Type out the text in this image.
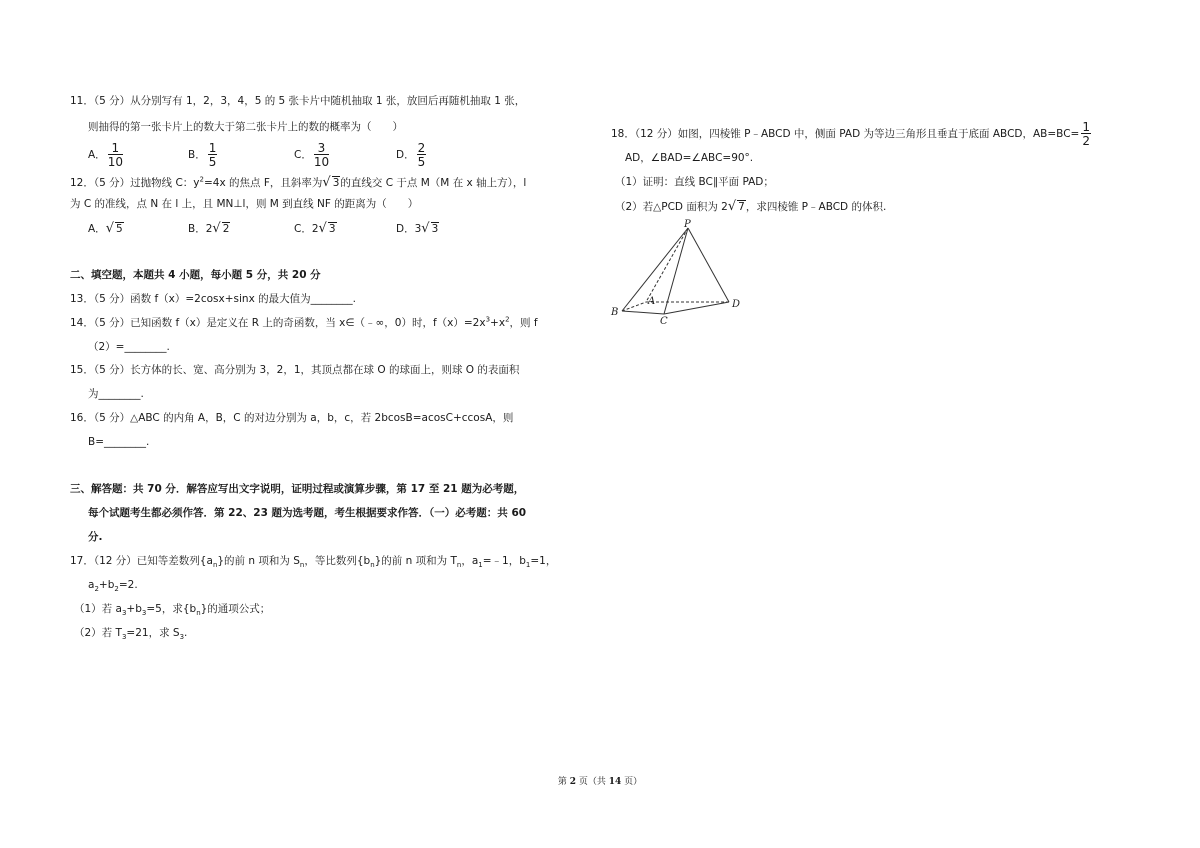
11．（5 分）从分别写有 1，2，3，4，5 的 5 张卡片中随机抽取 1 张，放回后再随机抽取 1 张，
则抽得的第一张卡片上的数大于第二张卡片上的数的概率为（　　）
A． $\frac{1}{10}$	B． $\frac{1}{5}$	C． $\frac{3}{10}$	D． $\frac{2}{5}$
12．（5 分）过抛物线 C：$y^2=4x$ 的焦点 F，且斜率为√ 3的直线交 C 于点 M（M 在 x 轴上方），l
为 C 的准线，点 N 在 l 上，且 MN⊥l，则 M 到直线 NF 的距离为（　　）
A．√ 5	B．2√ 2	C．2√ 3	D．3√ 3
二、填空题，本题共 4 小题，每小题 5 分，共 20 分
13．（5 分）函数 f（x）=2cosx+sinx 的最大值为________.
14．（5 分）已知函数 f（x）是定义在 R 上的奇函数，当 x∈（﹣∞，0）时，$f(x)=2x^3+x^2$，则 f
（2）=________.
15．（5 分）长方体的长、宽、高分别为 3，2，1，其顶点都在球 O 的球面上，则球 O 的表面积
为________.
16．（5 分）△ABC 的内角 A，B，C 的对边分别为 a，b，c，若 2bcosB=acosC+ccosA，则
B=________.
三、解答题：共 70 分．解答应写出文字说明，证明过程或演算步骤，第 17 至 21 题为必考题，
每个试题考生都必须作答．第 22、23 题为选考题，考生根据要求作答．（一）必考题：共 60
分.
17．（12 分）已知等差数列$\{a_n\}$的前 n 项和为 $S_n$，等比数列$\{b_n\}$的前 n 项和为 $T_n$，$a_1=﹣1$，$b_1=1$，
$a_2+b_2=2$.
（1）若 $a_3+b_3=5$，求$\{b_n\}$的通项公式；
（2）若 $T_3=21$，求 $S_3$.
18．（12 分）如图，四棱锥 P﹣ABCD 中，侧面 PAD 为等边三角形且垂直于底面 ABCD，$AB=BC= \frac{1}{2}$
AD，∠BAD=∠ABC=90°.
（1）证明：直线 BC∥平面 PAD；
（2）若△PCD 面积为 2√ 7，求四棱锥 P﹣ABCD 的体积.
P
A
B
C
D
第 2 页（共 14 页）
